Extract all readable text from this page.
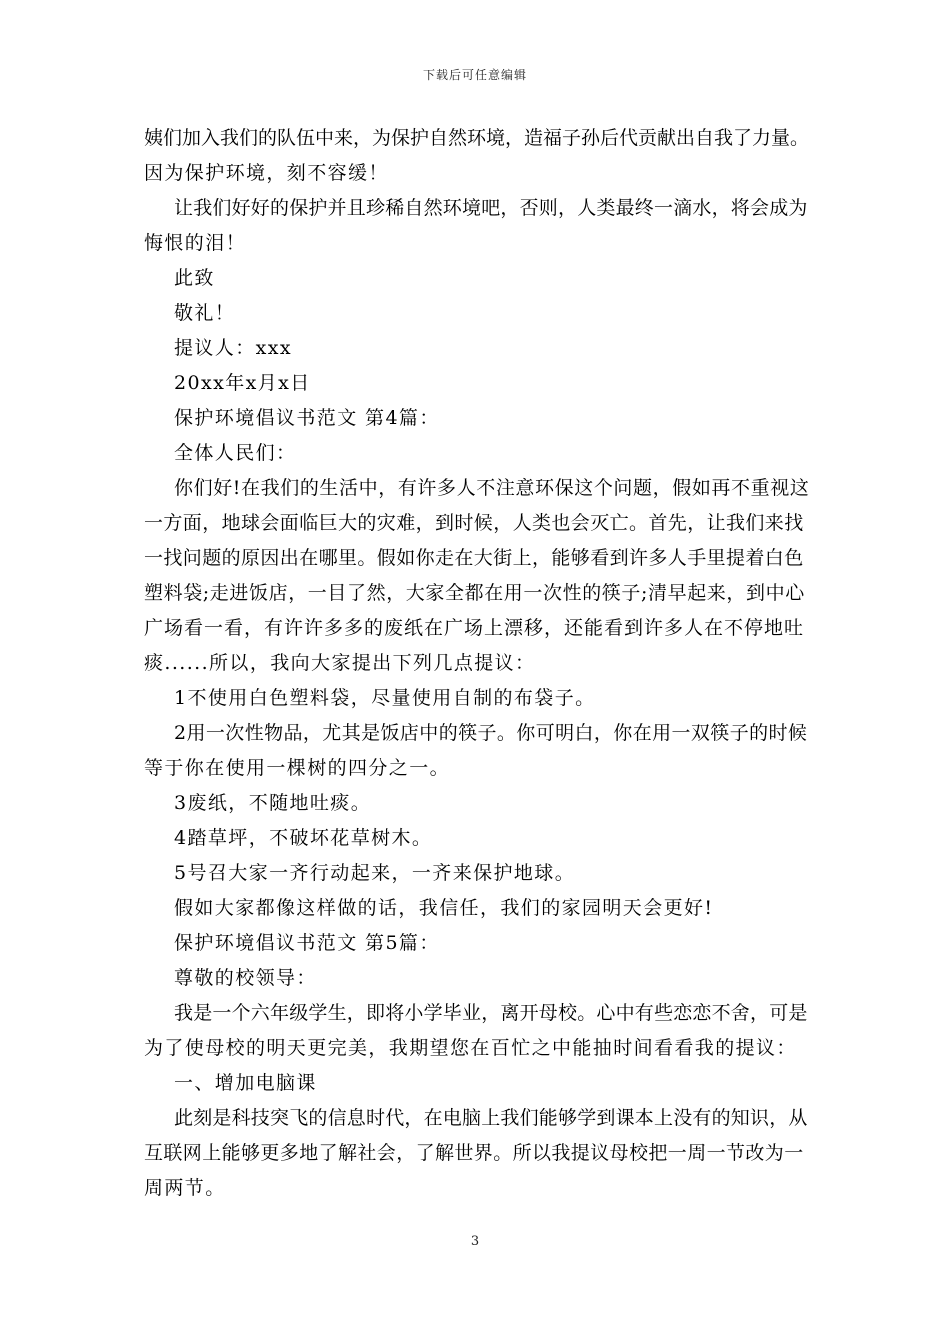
下载后可任意编辑
姨们加入我们的队伍中来，为保护自然环境，造福子孙后代贡献出自我了力量。
因为保护环境，刻不容缓！
让我们好好的保护并且珍稀自然环境吧，否则，人类最终一滴水，将会成为
悔恨的泪！
此致
敬礼！
提议人：xxx
20xx年x月x日
保护环境倡议书范文 第4篇：
全体人民们：
你们好!在我们的生活中，有许多人不注意环保这个问题，假如再不重视这
一方面，地球会面临巨大的灾难，到时候，人类也会灭亡。首先，让我们来找
一找问题的原因出在哪里。假如你走在大街上，能够看到许多人手里提着白色
塑料袋;走进饭店，一目了然，大家全都在用一次性的筷子;清早起来，到中心
广场看一看，有许许多多的废纸在广场上漂移，还能看到许多人在不停地吐
痰......所以，我向大家提出下列几点提议：
1不使用白色塑料袋，尽量使用自制的布袋子。
2用一次性物品，尤其是饭店中的筷子。你可明白，你在用一双筷子的时候
等于你在使用一棵树的四分之一。
3废纸，不随地吐痰。
4踏草坪，不破坏花草树木。
5号召大家一齐行动起来，一齐来保护地球。
假如大家都像这样做的话，我信任，我们的家园明天会更好!
保护环境倡议书范文 第5篇：
尊敬的校领导：
我是一个六年级学生，即将小学毕业，离开母校。心中有些恋恋不舍，可是
为了使母校的明天更完美，我期望您在百忙之中能抽时间看看我的提议：
一、增加电脑课
此刻是科技突飞的信息时代，在电脑上我们能够学到课本上没有的知识，从
互联网上能够更多地了解社会，了解世界。所以我提议母校把一周一节改为一
周两节。
3
